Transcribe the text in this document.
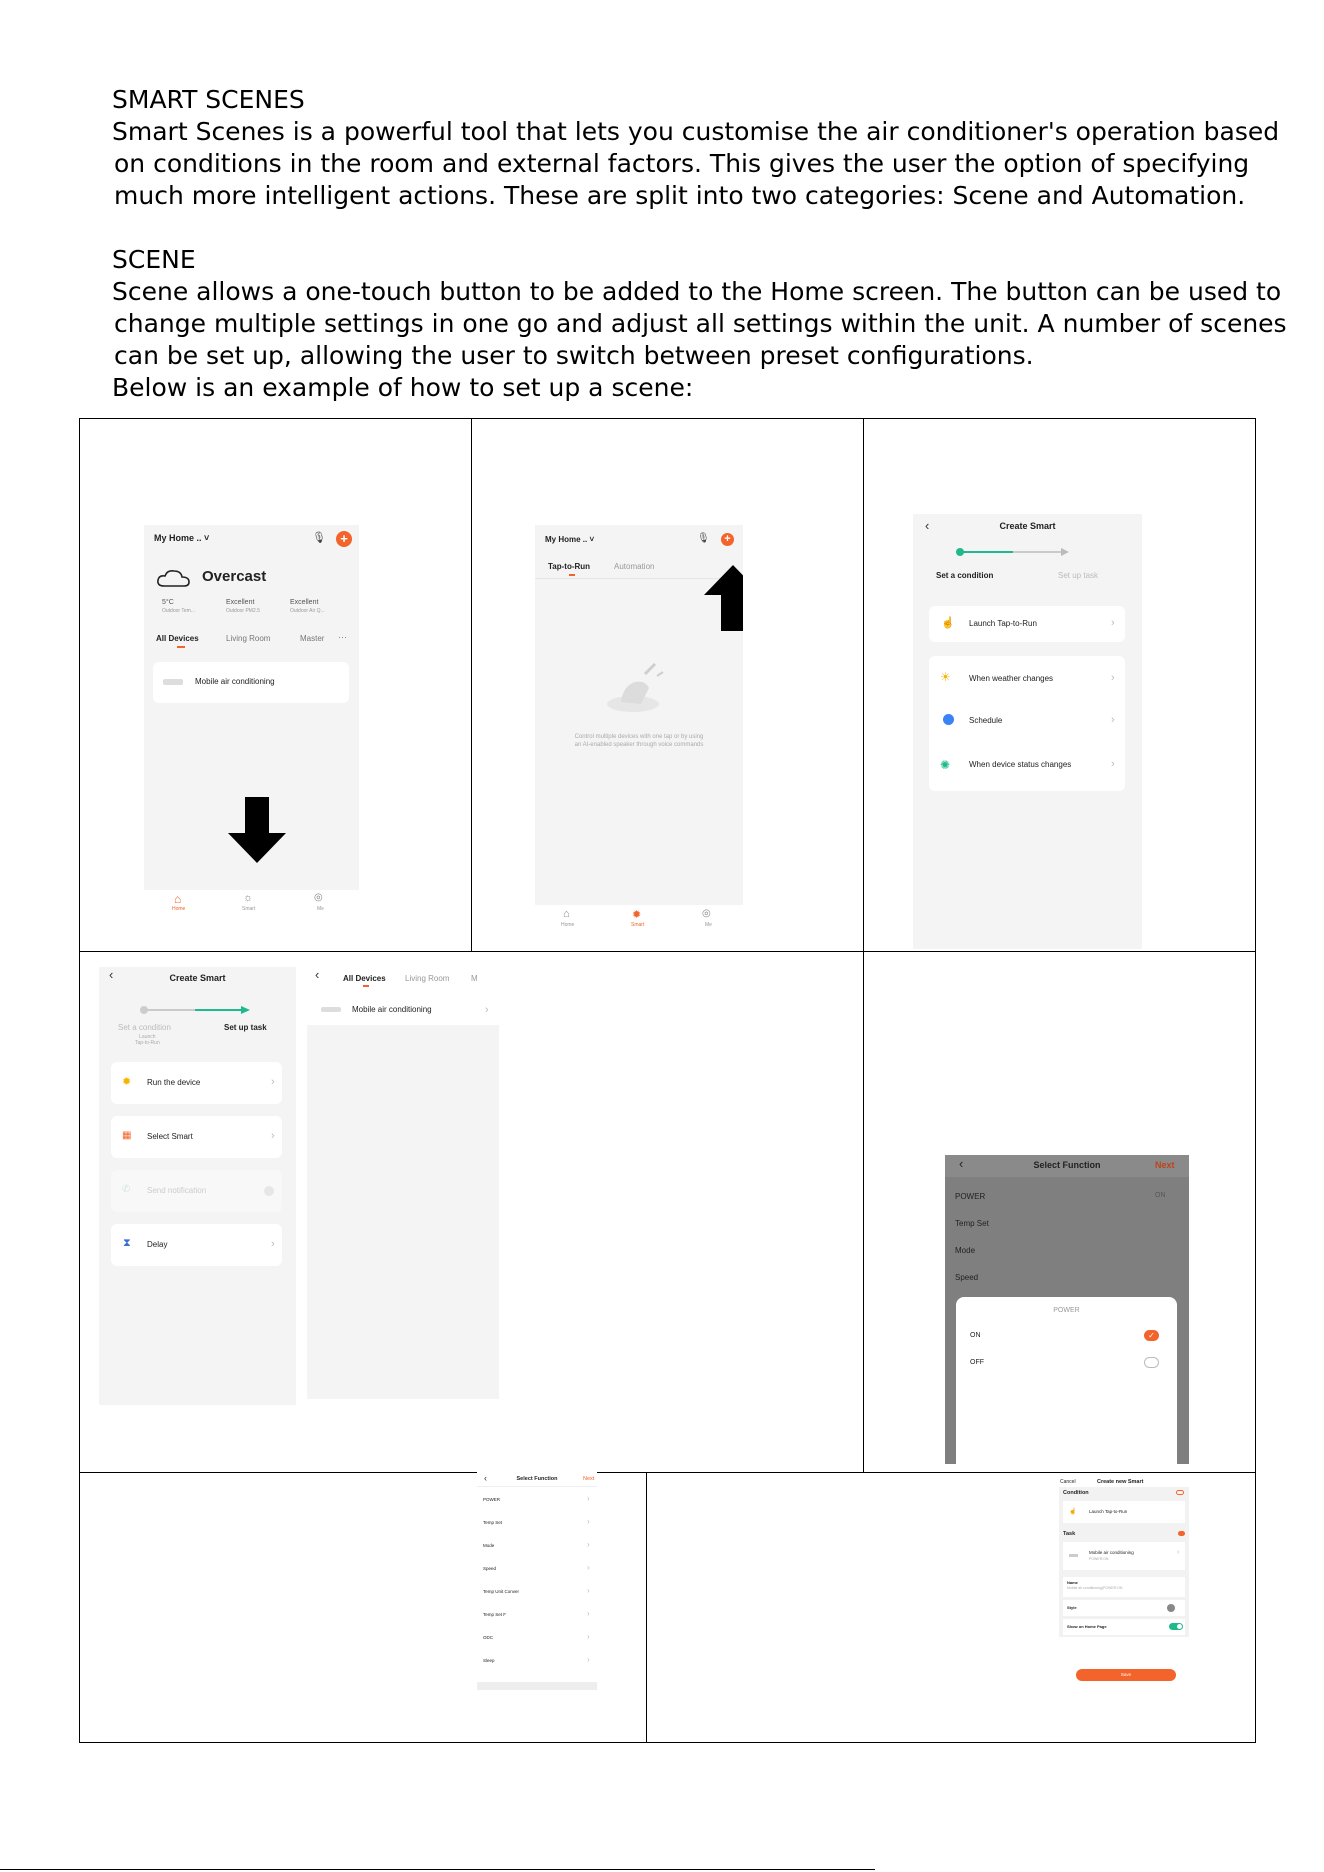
SMART SCENES
Smart Scenes is a powerful tool that lets you customise the air conditioner's operation based
on conditions in the room and external factors. This gives the user the option of specifying
much more intelligent actions. These are split into two categories: Scene and Automation.
SCENE
Scene allows a one-touch button to be added to the Home screen. The button can be used to
change multiple settings in one go and adjust all settings within the unit. A number of scenes
can be set up, allowing the user to switch between preset configurations.
Below is an example of how to set up a scene:
My Home .. ˅	🎙	+
Overcast
5°C
Outdoor Tem...
Excellent
Outdoor PM2.5
Excellent
Outdoor Air Q...
All Devices	Living Room	Master ···
Mobile air conditioning
⌂
Home
☼
Smart
◎
Me
My Home .. ˅	🎙 +
Tap-to-Run	Automation
Control multiple devices with one tap or by using
an AI-enabled speaker through voice commands
⌂
Home
✹
Smart
◎
Me
‹	Create Smart
Set a condition	Set up task
☝ Launch Tap-to-Run	›
☀ When weather changes	›
Schedule	›
✺ When device status changes	›
‹	Create Smart
Set a condition
Launch
Tap-to-Run
Set up task
✹ Run the device	›
▦ Select Smart	›
✆ Send notification
⧗ Delay	›
‹	All Devices Living Room	M
Mobile air conditioning	›
‹	Select Function	Next
POWER	ON
Temp Set
Mode
Speed
POWER
ON	✓
OFF
‹	Select Function	Next
POWER	›
Temp Set	›
Mode	›
Speed	›
Temp Unit Conver	›
Temp Set F	›
ODC	›
Sleep	›
Cancel	Create new Smart
Condition
☝	Launch Tap-to-Run
Task
Mobile air conditioning
POWER:ON
›
Name
Mobile air conditioning(POWER:ON
Style
Show on Home Page
Save
